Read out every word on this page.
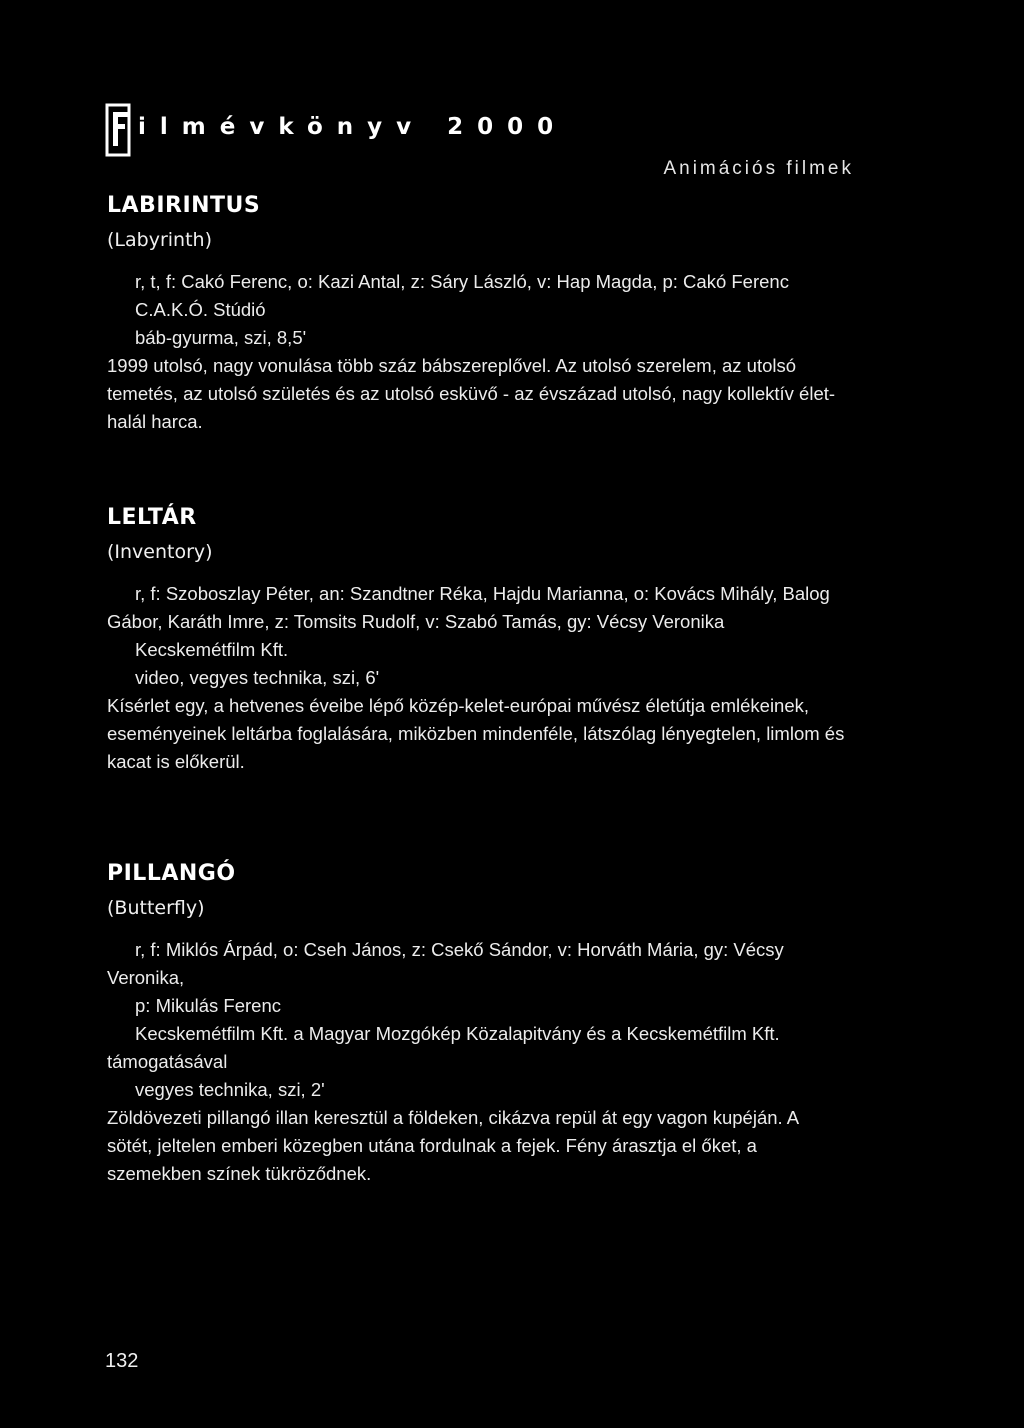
ilmévkönyv 2000
Animációs filmek
LABIRINTUS
(Labyrinth)

r, t, f: Cakó Ferenc, o: Kazi Antal, z: Sáry László, v: Hap Magda, p: Cakó Ferenc

C.A.K.Ó. Stúdió

báb-gyurma, szi, 8,5'

1999 utolsó, nagy vonulása több száz bábszereplővel. Az utolsó szerelem, az utolsó temetés, az utolsó születés és az utolsó esküvő - az évszázad utolsó, nagy kollektív élet-halál harca.

LELTÁR
(Inventory)

r, f: Szoboszlay Péter, an: Szandtner Réka, Hajdu Marianna, o: Kovács Mihály, Balog Gábor, Karáth Imre, z: Tomsits Rudolf, v: Szabó Tamás, gy: Vécsy Veronika

Kecskemétfilm Kft.

video, vegyes technika, szi, 6'

Kísérlet egy, a hetvenes éveibe lépő közép-kelet-európai művész életútja emlékeinek, eseményeinek leltárba foglalására, miközben mindenféle, látszólag lényegtelen, limlom és kacat is előkerül.

PILLANGÓ
(Butterfly)

r, f: Miklós Árpád, o: Cseh János, z: Csekő Sándor, v: Horváth Mária, gy: Vécsy Veronika,

p: Mikulás Ferenc

Kecskemétfilm Kft. a Magyar Mozgókép Közalapitvány és a Kecskemétfilm Kft. támogatásával

vegyes technika, szi, 2'

Zöldövezeti pillangó illan keresztül a földeken, cikázva repül át egy vagon kupéján. A sötét, jeltelen emberi közegben utána fordulnak a fejek. Fény árasztja el őket, a szemekben színek tükröződnek.

132
